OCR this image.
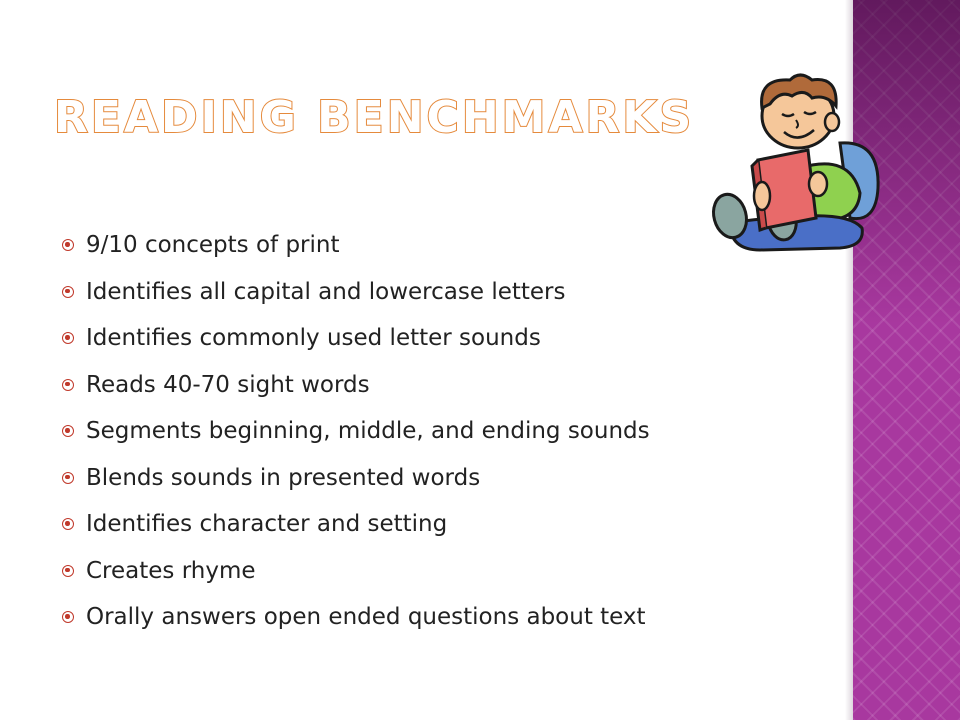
READING BENCHMARKS
9/10 concepts of print
Identifies all capital and lowercase letters
Identifies commonly used letter sounds
Reads 40-70 sight words
Segments beginning, middle, and ending sounds
Blends sounds in presented words
Identifies character and setting
Creates rhyme
Orally answers open ended questions about text
